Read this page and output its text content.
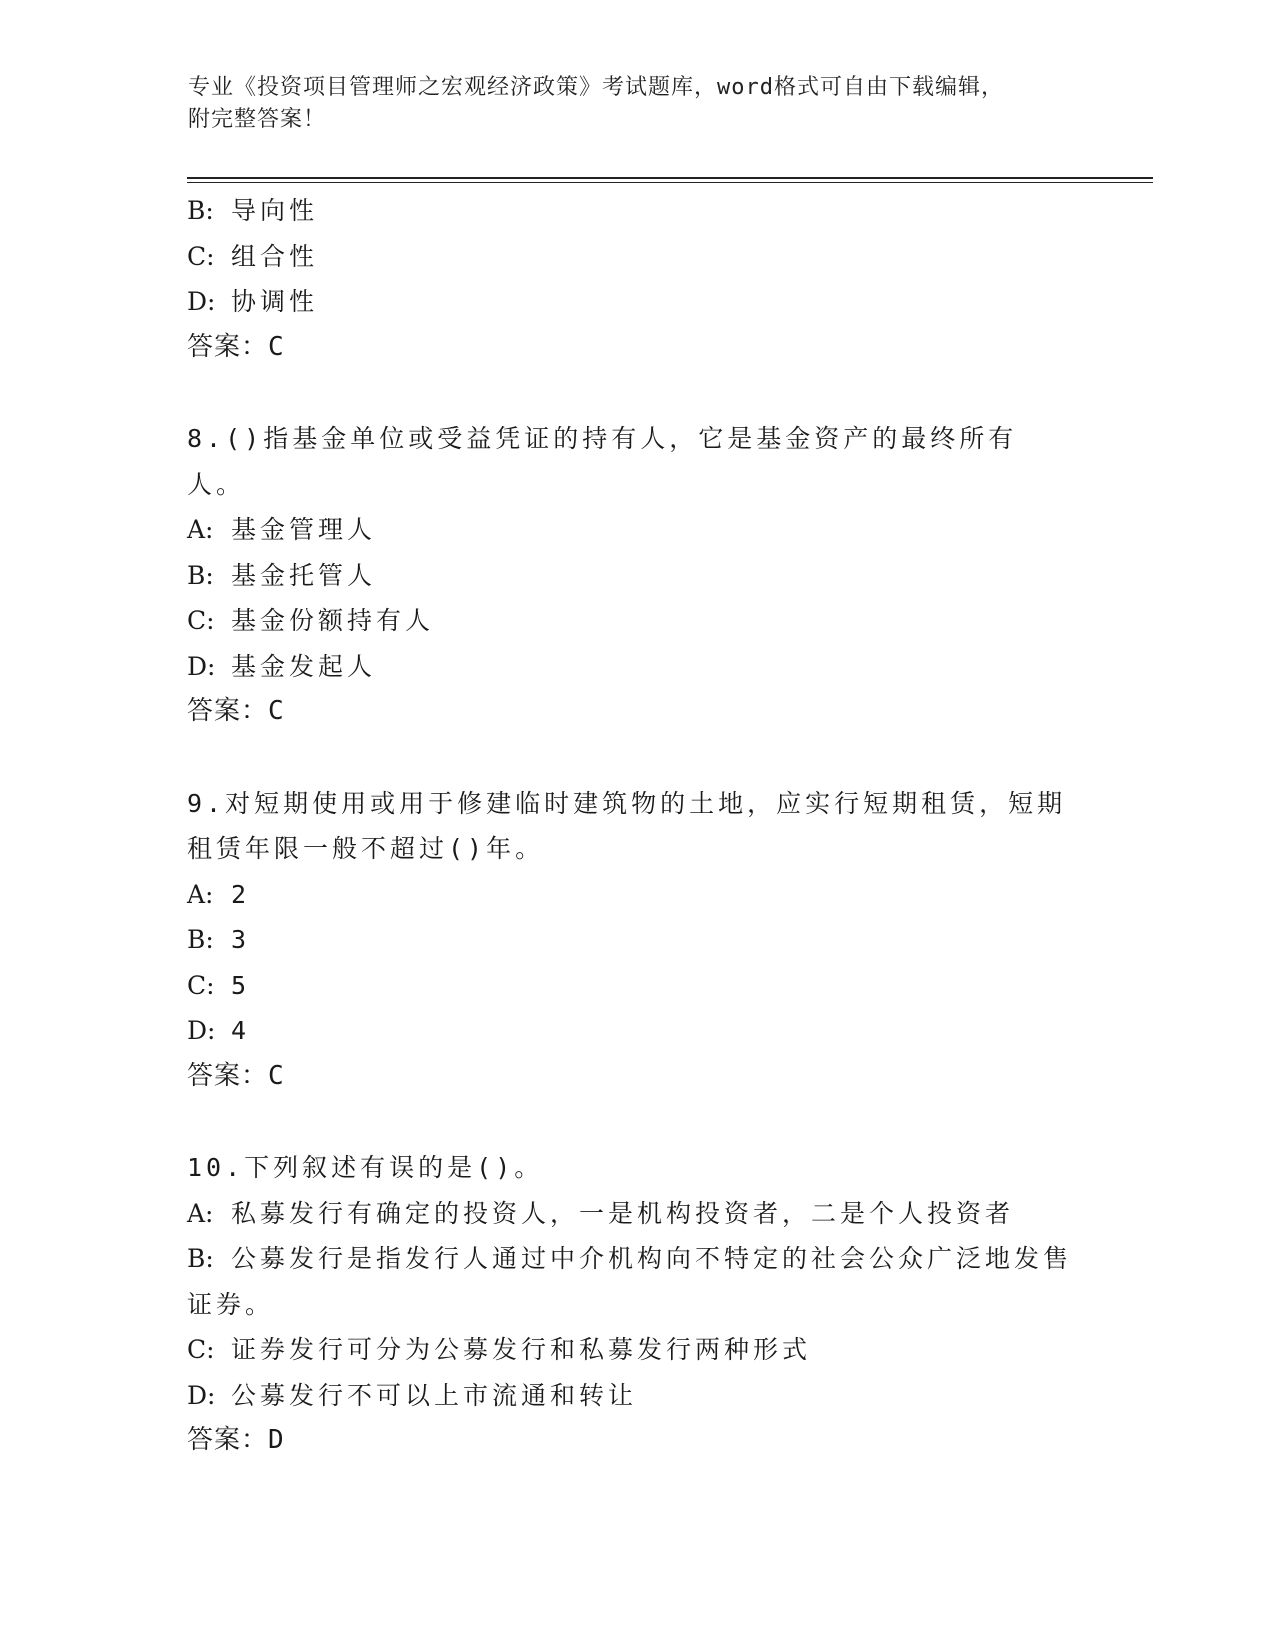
专业《投资项目管理师之宏观经济政策》考试题库，word格式可自由下载编辑，
附完整答案！
B: 导向性
C: 组合性
D: 协调性
答案：C
8.()指基金单位或受益凭证的持有人，它是基金资产的最终所有人。
A: 基金管理人
B: 基金托管人
C: 基金份额持有人
D: 基金发起人
答案：C
9.对短期使用或用于修建临时建筑物的土地，应实行短期租赁，短期
租赁年限一般不超过()年。
A: 2
B: 3
C: 5
D: 4
答案：C
10.下列叙述有误的是()。
A: 私募发行有确定的投资人，一是机构投资者，二是个人投资者
B: 公募发行是指发行人通过中介机构向不特定的社会公众广泛地发售
证券。
C: 证券发行可分为公募发行和私募发行两种形式
D: 公募发行不可以上市流通和转让
答案：D
